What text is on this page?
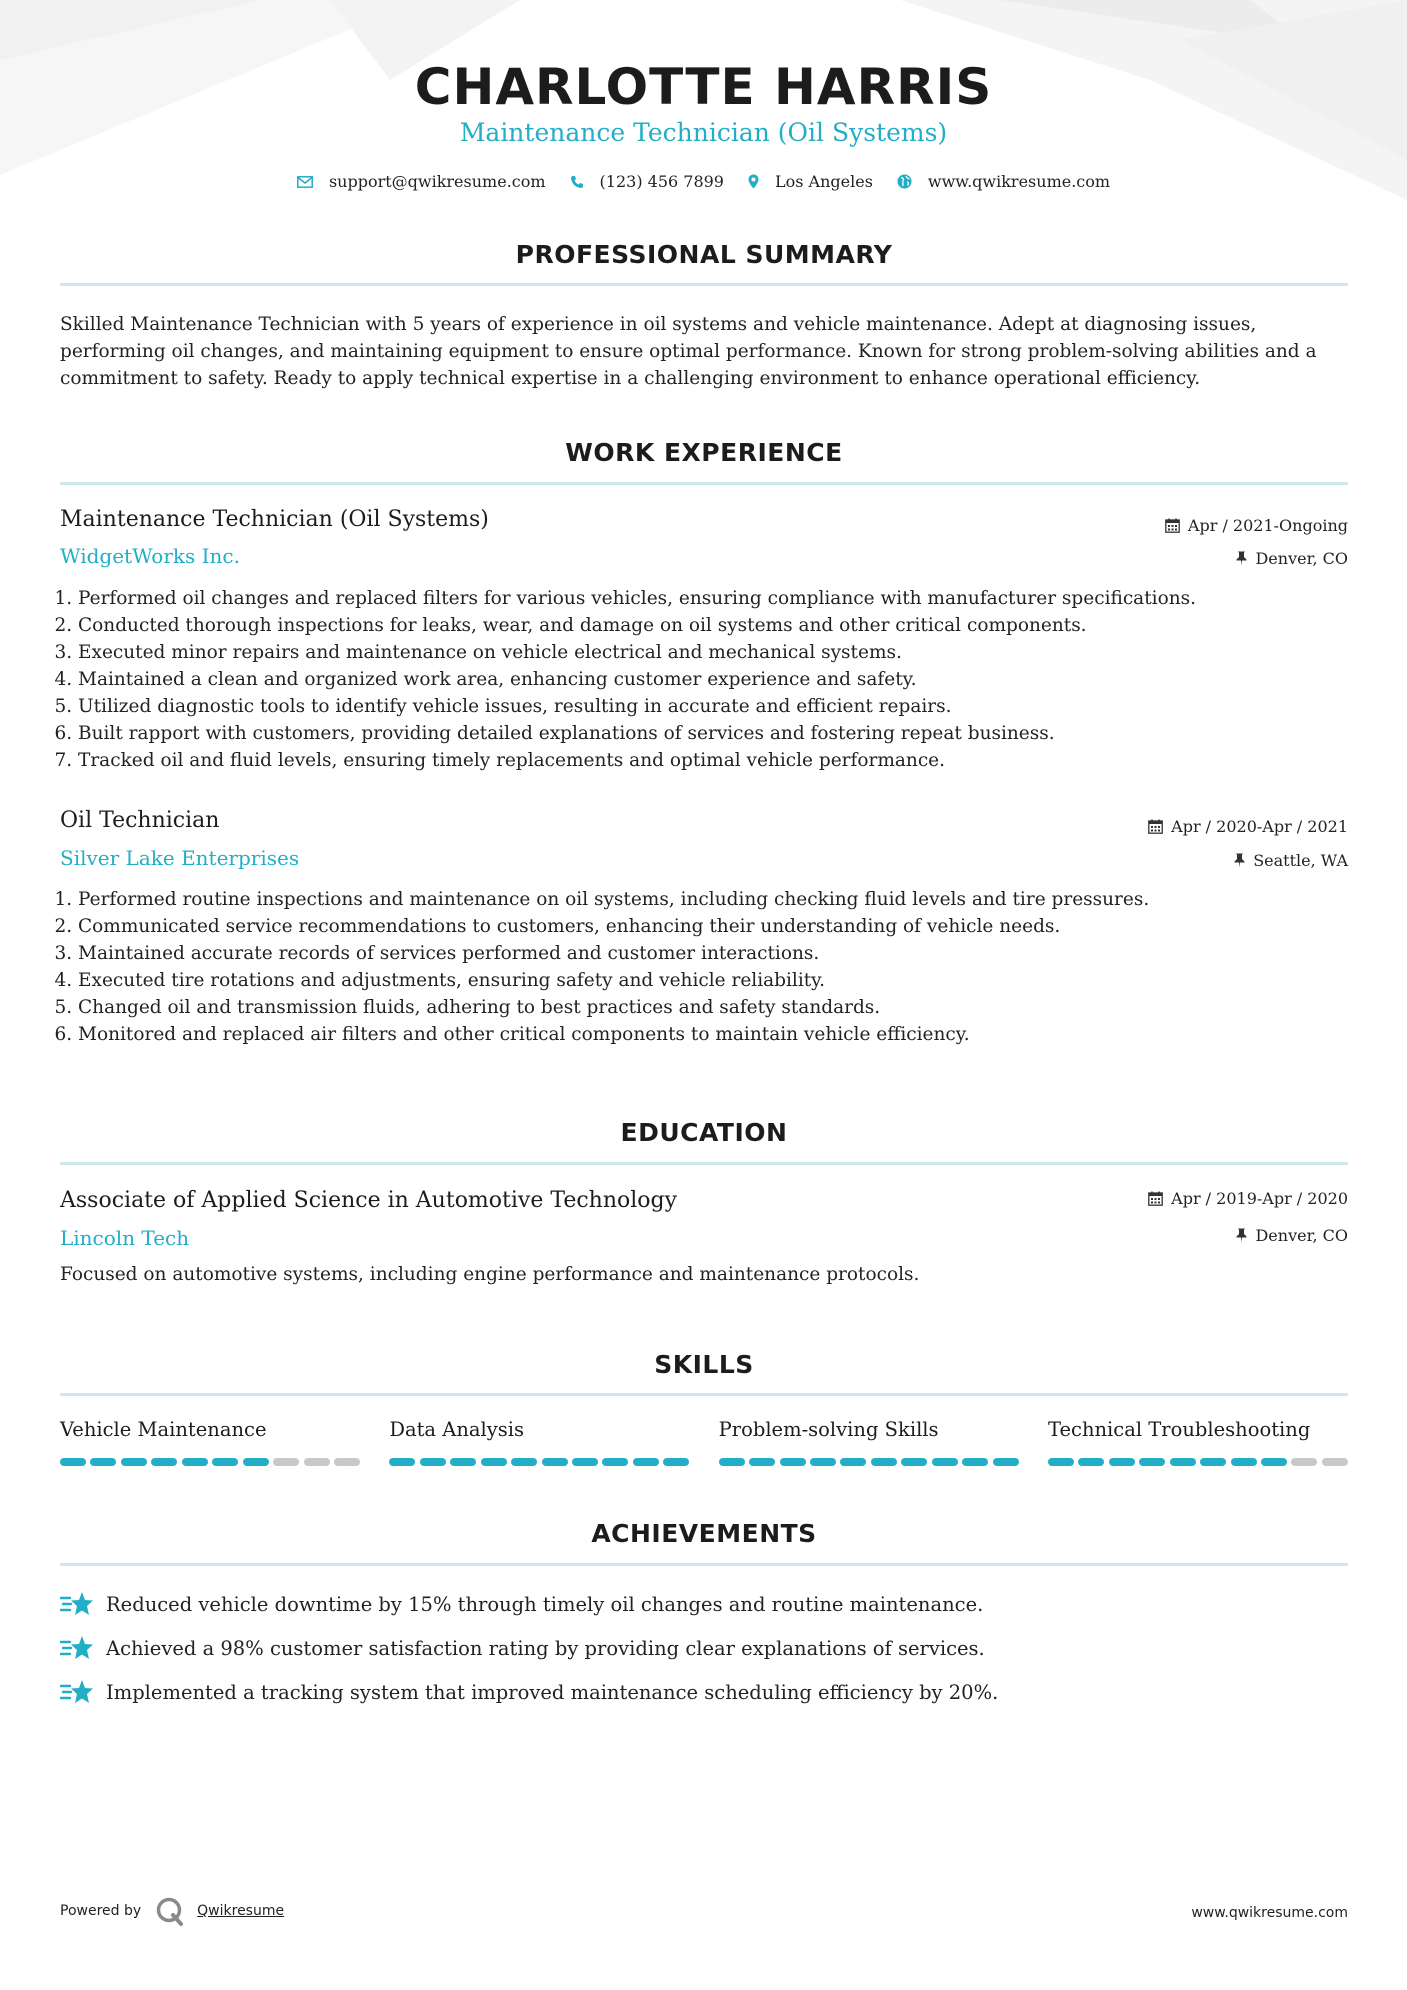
CHARLOTTE HARRIS
Maintenance Technician (Oil Systems)
support@qwikresume.com	(123) 456 7899	Los Angeles	www.qwikresume.com
PROFESSIONAL SUMMARY
Skilled Maintenance Technician with 5 years of experience in oil systems and vehicle maintenance. Adept at diagnosing issues, performing oil changes, and maintaining equipment to ensure optimal performance. Known for strong problem-solving abilities and a commitment to safety. Ready to apply technical expertise in a challenging environment to enhance operational efficiency.
WORK EXPERIENCE
Maintenance Technician (Oil Systems)	Apr / 2021-Ongoing
WidgetWorks Inc.	Denver, CO
1. Performed oil changes and replaced filters for various vehicles, ensuring compliance with manufacturer specifications.
2. Conducted thorough inspections for leaks, wear, and damage on oil systems and other critical components.
3. Executed minor repairs and maintenance on vehicle electrical and mechanical systems.
4. Maintained a clean and organized work area, enhancing customer experience and safety.
5. Utilized diagnostic tools to identify vehicle issues, resulting in accurate and efficient repairs.
6. Built rapport with customers, providing detailed explanations of services and fostering repeat business.
7. Tracked oil and fluid levels, ensuring timely replacements and optimal vehicle performance.
Oil Technician	Apr / 2020-Apr / 2021
Silver Lake Enterprises	Seattle, WA
1. Performed routine inspections and maintenance on oil systems, including checking fluid levels and tire pressures.
2. Communicated service recommendations to customers, enhancing their understanding of vehicle needs.
3. Maintained accurate records of services performed and customer interactions.
4. Executed tire rotations and adjustments, ensuring safety and vehicle reliability.
5. Changed oil and transmission fluids, adhering to best practices and safety standards.
6. Monitored and replaced air filters and other critical components to maintain vehicle efficiency.
EDUCATION
Associate of Applied Science in Automotive Technology	Apr / 2019-Apr / 2020
Lincoln Tech	Denver, CO
Focused on automotive systems, including engine performance and maintenance protocols.
SKILLS
Vehicle Maintenance	Data Analysis	Problem-solving Skills	Technical Troubleshooting
ACHIEVEMENTS
Reduced vehicle downtime by 15% through timely oil changes and routine maintenance.
Achieved a 98% customer satisfaction rating by providing clear explanations of services.
Implemented a tracking system that improved maintenance scheduling efficiency by 20%.
Powered by	Qwikresume	www.qwikresume.com
